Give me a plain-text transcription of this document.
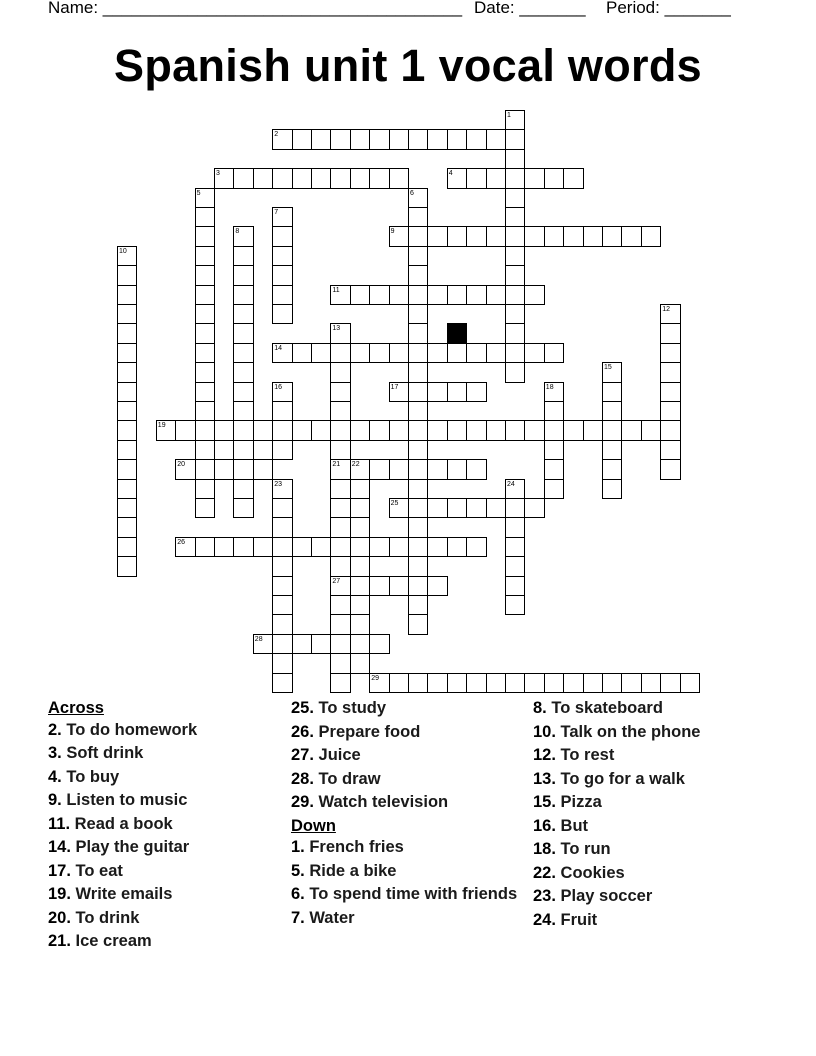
Name: ______________________________________ Date: _______ Period: _______
Spanish unit 1 vocal words
1
2
3	4
5	6
7
8	9
10
11
12
13
21
27
14
15
16	17	18
19
20	22
23	24
25
26
28
29
Across
2. To do homework
3. Soft drink
4. To buy
9. Listen to music
11. Read a book
14. Play the guitar
17. To eat
19. Write emails
20. To drink
21. Ice cream
25. To study
26. Prepare food
27. Juice
28. To draw
29. Watch television
Down
1. French fries
5. Ride a bike
6. To spend time with friends
7. Water
8. To skateboard
10. Talk on the phone
12. To rest
13. To go for a walk
15. Pizza
16. But
18. To run
22. Cookies
23. Play soccer
24. Fruit
